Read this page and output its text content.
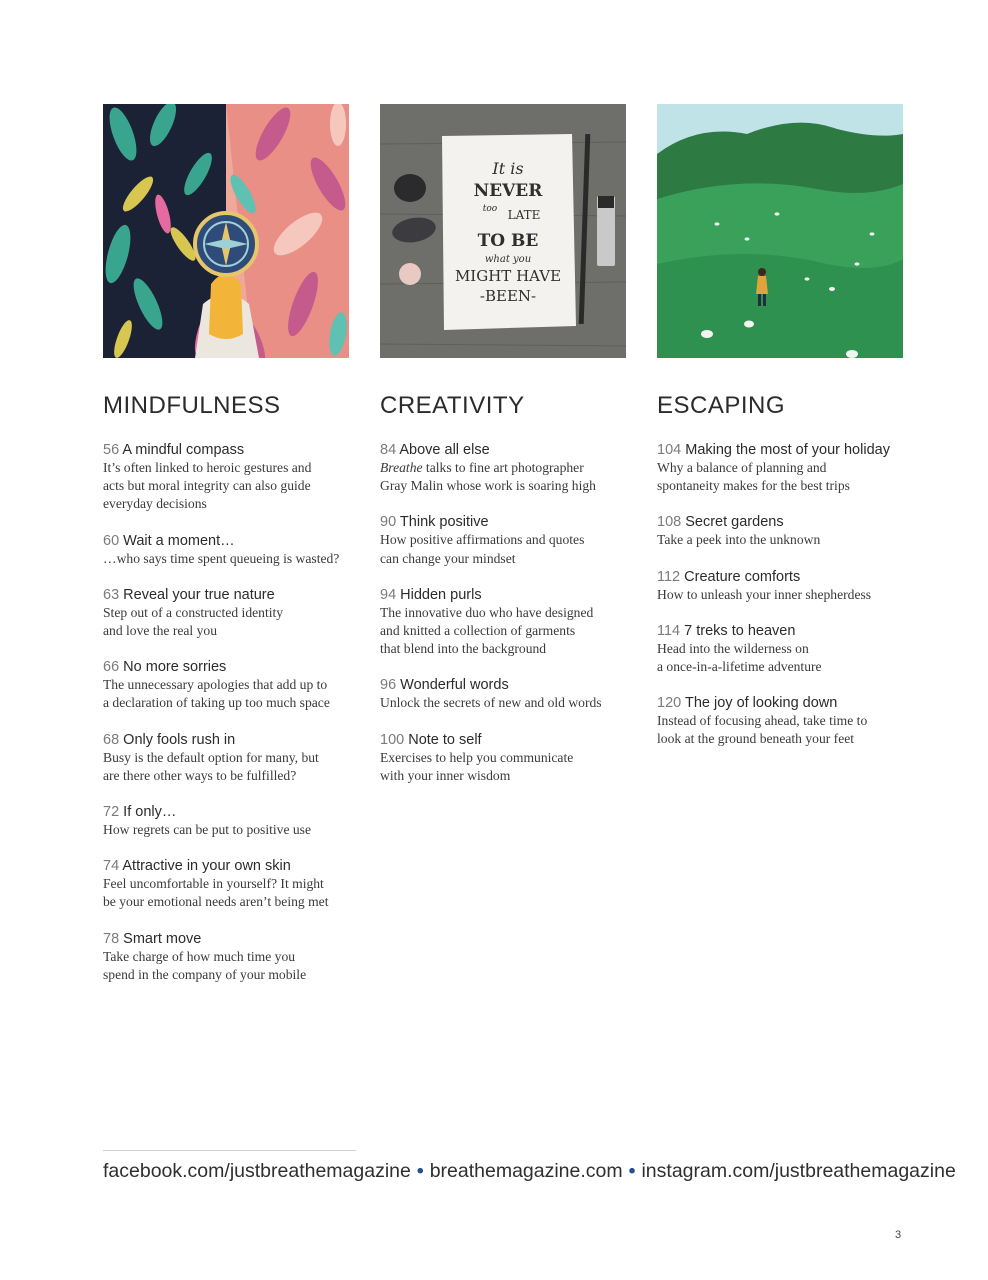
MINDFULNESS
56 A mindful compass
It’s often linked to heroic gestures and
acts but moral integrity can also guide
everyday decisions
60 Wait a moment…
…who says time spent queueing is wasted?
63 Reveal your true nature
Step out of a constructed identity
and love the real you
66 No more sorries
The unnecessary apologies that add up to
a declaration of taking up too much space
68 Only fools rush in
Busy is the default option for many, but
are there other ways to be fulfilled?
72 If only…
How regrets can be put to positive use
74 Attractive in your own skin
Feel uncomfortable in yourself? It might
be your emotional needs aren’t being met
78 Smart move
Take charge of how much time you
spend in the company of your mobile
It is
NEVER
too LATE
TO BE
what you
MIGHT HAVE
-BEEN-
CREATIVITY
84 Above all else
Breathe talks to fine art photographer
Gray Malin whose work is soaring high
90 Think positive
How positive affirmations and quotes
can change your mindset
94 Hidden purls
The innovative duo who have designed
and knitted a collection of garments
that blend into the background
96 Wonderful words
Unlock the secrets of new and old words
100 Note to self
Exercises to help you communicate
with your inner wisdom
ESCAPING
104 Making the most of your holiday
Why a balance of planning and
spontaneity makes for the best trips
108 Secret gardens
Take a peek into the unknown
112 Creature comforts
How to unleash your inner shepherdess
114 7 treks to heaven
Head into the wilderness on
a once-in-a-lifetime adventure
120 The joy of looking down
Instead of focusing ahead, take time to
look at the ground beneath your feet
facebook.com/justbreathemagazine • breathemagazine.com • instagram.com/justbreathemagazine
3
